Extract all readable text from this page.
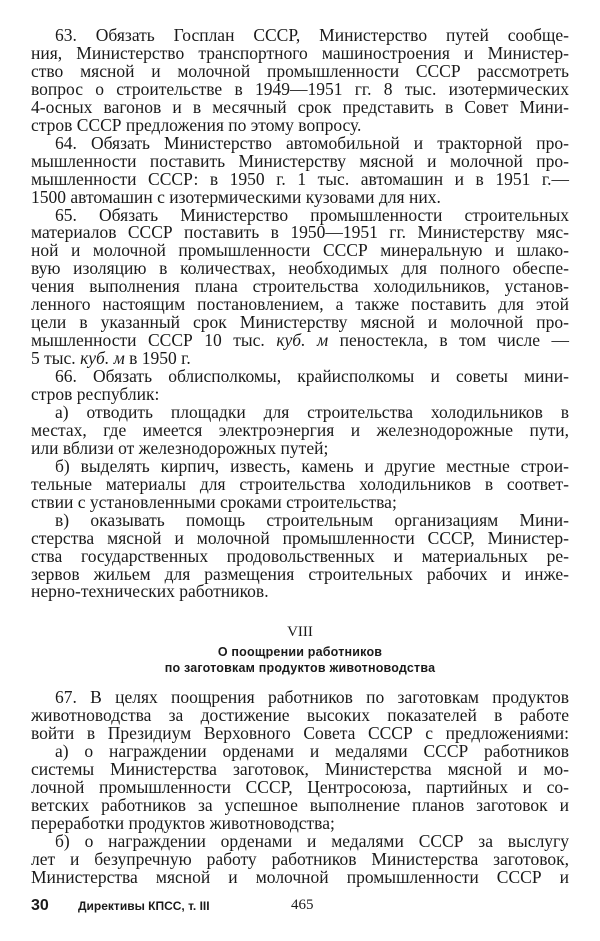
63. Обязать Госплан СССР, Министерство путей сообще-
ния, Министерство транспортного машиностроения и Министер-
ство мясной и молочной промышленности СССР рассмотреть
вопрос о строительстве в 1949—1951 гг. 8 тыс. изотермических
4-осных вагонов и в месячный срок представить в Совет Мини-
стров СССР предложения по этому вопросу.
64. Обязать Министерство автомобильной и тракторной про-
мышленности поставить Министерству мясной и молочной про-
мышленности СССР: в 1950 г. 1 тыс. автомашин и в 1951 г.—
1500 автомашин с изотермическими кузовами для них.
65. Обязать Министерство промышленности строительных
материалов СССР поставить в 1950—1951 гг. Министерству мяс-
ной и молочной промышленности СССР минеральную и шлако-
вую изоляцию в количествах, необходимых для полного обеспе-
чения выполнения плана строительства холодильников, установ-
ленного настоящим постановлением, а также поставить для этой
цели в указанный срок Министерству мясной и молочной про-
мышленности СССР 10 тыс. куб. м пеностекла, в том числе —
5 тыс. куб. м в 1950 г.
66. Обязать облисполкомы, крайисполкомы и советы мини-
стров республик:
а) отводить площадки для строительства холодильников в
местах, где имеется электроэнергия и железнодорожные пути,
или вблизи от железнодорожных путей;
б) выделять кирпич, известь, камень и другие местные строи-
тельные материалы для строительства холодильников в соответ-
ствии с установленными сроками строительства;
в) оказывать помощь строительным организациям Мини-
стерства мясной и молочной промышленности СССР, Министер-
ства государственных продовольственных и материальных ре-
зервов жильем для размещения строительных рабочих и инже-
нерно-технических работников.
VIII
О поощрении работников
по заготовкам продуктов животноводства
67. В целях поощрения работников по заготовкам продуктов
животноводства за достижение высоких показателей в работе
войти в Президиум Верховного Совета СССР с предложениями:
а) о награждении орденами и медалями СССР работников
системы Министерства заготовок, Министерства мясной и мо-
лочной промышленности СССР, Центросоюза, партийных и со-
ветских работников за успешное выполнение планов заготовок и
переработки продуктов животноводства;
б) о награждении орденами и медалями СССР за выслугу
лет и безупречную работу работников Министерства заготовок,
Министерства мясной и молочной промышленности СССР и
30 Директивы КПСС, т. III	465
